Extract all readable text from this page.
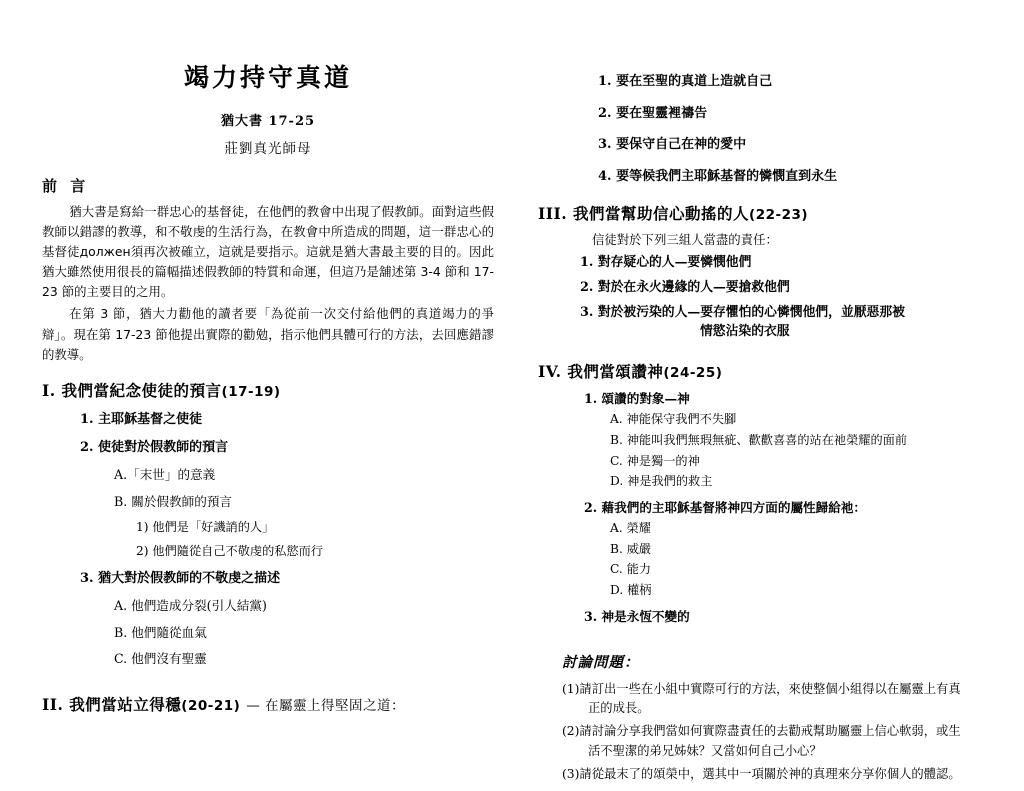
竭力持守真道
猶大書 17-25
莊劉真光師母
前 言

猶大書是寫給一群忠心的基督徒，在他們的教會中出現了假教師。面對這些假教師以錯謬的教導，和不敬虔的生活行為，在教會中所造成的問題，這一群忠心的基督徒должен須再次被確立，這就是要指示。這就是猶大書最主要的目的。因此猶大雖然使用很長的篇幅描述假教師的特質和命運，但這乃是舖述第 3-4 節和 17-23 節的主要目的之用。

在第 3 節，猶大力勸他的讀者要「為從前一次交付給他們的真道竭力的爭辯」。現在第 17-23 節他提出實際的勸勉，指示他們具體可行的方法，去回應錯謬的教導。

I. 我們當紀念使徒的預言(17-19)
1. 主耶穌基督之使徒
2. 使徒對於假教師的預言
A.「末世」的意義
B. 關於假教師的預言
1) 他們是「好譏誚的人」
2) 他們隨從自己不敬虔的私慾而行
3. 猶大對於假教師的不敬虔之描述
A. 他們造成分裂(引人結黨)
B. 他們隨從血氣
C. 他們沒有聖靈
II. 我們當站立得穩(20-21) — 在屬靈上得堅固之道：
1. 要在至聖的真道上造就自己
2. 要在聖靈裡禱告
3. 要保守自己在神的愛中
4. 要等候我們主耶穌基督的憐憫直到永生
III. 我們當幫助信心動搖的人(22-23)
信徒對於下列三組人當盡的責任：
1. 對存疑心的人—要憐憫他們
2. 對於在永火邊緣的人—要搶救他們
3. 對於被污染的人—要存懼怕的心憐憫他們，並厭惡那被
情慾沾染的衣服
IV. 我們當頌讚神(24-25)
1. 頌讚的對象—神
A. 神能保守我們不失腳
B. 神能叫我們無瑕無疵、歡歡喜喜的站在祂榮耀的面前
C. 神是獨一的神
D. 神是我們的救主
2. 藉我們的主耶穌基督將神四方面的屬性歸給祂：
A. 榮耀
B. 威嚴
C. 能力
D. 權柄
3. 神是永恆不變的
討論問題：
(1)請訂出一些在小組中實際可行的方法，來使整個小組得以在屬靈上有真
正的成長。
(2)請討論分享我們當如何實際盡責任的去勸戒幫助屬靈上信心軟弱，或生
活不聖潔的弟兄姊妹？又當如何自己小心？
(3)請從最末了的頌榮中，選其中一項關於神的真理來分享你個人的體認。
